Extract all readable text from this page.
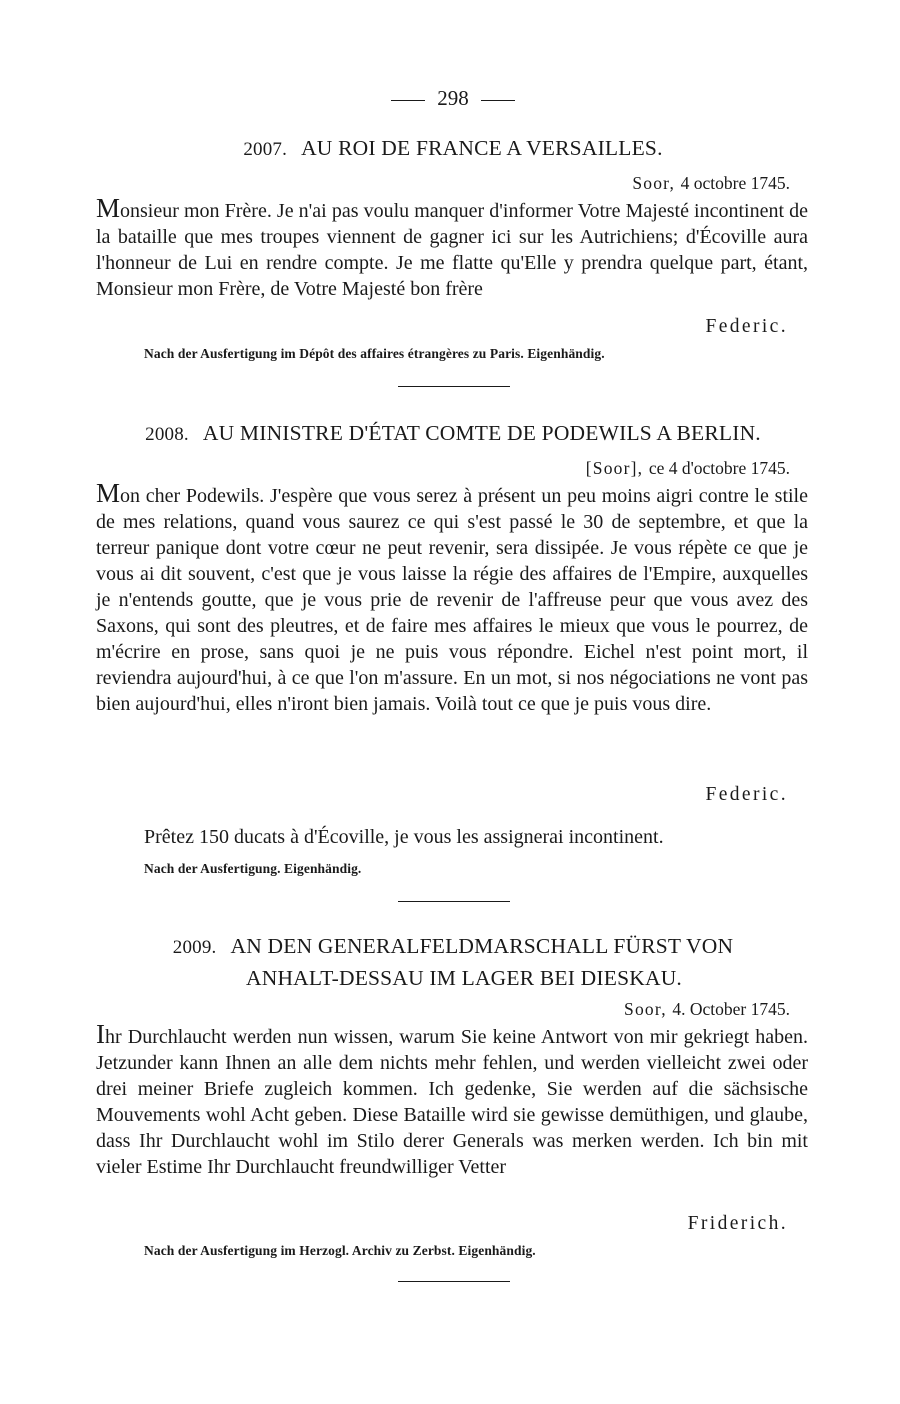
298
2007. AU ROI DE FRANCE A VERSAILLES.
Soor, 4 octobre 1745.

Monsieur mon Frère. Je n'ai pas voulu manquer d'informer Votre Majesté incontinent de la bataille que mes troupes viennent de gagner ici sur les Autrichiens; d'Écoville aura l'honneur de Lui en rendre compte. Je me flatte qu'Elle y prendra quelque part, étant, Monsieur mon Frère, de Votre Majesté bon frère

Federic.
Nach der Ausfertigung im Dépôt des affaires étrangères zu Paris. Eigenhändig.
2008. AU MINISTRE D'ÉTAT COMTE DE PODEWILS A BERLIN.
[Soor], ce 4 d'octobre 1745.

Mon cher Podewils. J'espère que vous serez à présent un peu moins aigri contre le stile de mes relations, quand vous saurez ce qui s'est passé le 30 de septembre, et que la terreur panique dont votre cœur ne peut revenir, sera dissipée. Je vous répète ce que je vous ai dit souvent, c'est que je vous laisse la régie des affaires de l'Empire, auxquelles je n'entends goutte, que je vous prie de revenir de l'affreuse peur que vous avez des Saxons, qui sont des pleutres, et de faire mes affaires le mieux que vous le pourrez, de m'écrire en prose, sans quoi je ne puis vous répondre. Eichel n'est point mort, il reviendra aujourd'hui, à ce que l'on m'assure. En un mot, si nos négociations ne vont pas bien aujourd'hui, elles n'iront bien jamais. Voilà tout ce que je puis vous dire.

Federic.
Prêtez 150 ducats à d'Écoville, je vous les assignerai incontinent.
Nach der Ausfertigung. Eigenhändig.
2009. AN DEN GENERALFELDMARSCHALL FÜRST VON
ANHALT-DESSAU IM LAGER BEI DIESKAU.
Soor, 4. October 1745.

Ihr Durchlaucht werden nun wissen, warum Sie keine Antwort von mir gekriegt haben. Jetzunder kann Ihnen an alle dem nichts mehr fehlen, und werden vielleicht zwei oder drei meiner Briefe zugleich kommen. Ich gedenke, Sie werden auf die sächsische Mouvements wohl Acht geben. Diese Bataille wird sie gewisse demüthigen, und glaube, dass Ihr Durchlaucht wohl im Stilo derer Generals was merken werden. Ich bin mit vieler Estime Ihr Durchlaucht freundwilliger Vetter

Friderich.
Nach der Ausfertigung im Herzogl. Archiv zu Zerbst. Eigenhändig.
